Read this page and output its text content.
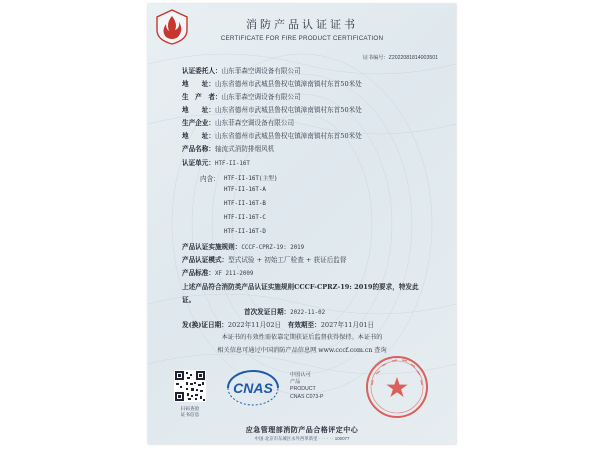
消防产品认证证书
CERTIFICATE FOR FIRE PRODUCT CERTIFICATION
证书编号：Z2022081814003501
认证委托人：山东菲森空调设备有限公司
地　　址：山东省德州市武城县鲁权屯镇漳南镇村东首50米处
生　产　者：山东菲森空调设备有限公司
地　　址：山东省德州市武城县鲁权屯镇漳南镇村东首50米处
生产企业：山东菲森空调设备有限公司
地　　址：山东省德州市武城县鲁权屯镇漳南镇村东首50米处
产品名称：轴流式消防排烟风机
认证单元：HTF-II-16T
内含： HTF-II-16T(主型)
HTF-II-16T-A
HTF-II-16T-B
HTF-II-16T-C
HTF-II-16T-D
产品认证实施规则：CCCF-CPRZ-19: 2019
产品认证模式：型式试验 + 初始工厂检查 + 获证后监督
产品标准：XF 211-2009
上述产品符合消防类产品认证实施规则CCCF-CPRZ-19: 2019的要求，特发此
证。
首次发证日期：2022-11-02
发(换)证日期：2022年11月02日　 有效期至：2027年11月01日
本证书的有效性需依靠定期获证后监督获得保持。本证书的
相关信息可通过中国消防产品信息网 www.cccf.com.cn 查询
扫码查验
证书信息
CNAS
中国认可
产品
PRODUCT
CNAS C073-P
应急管理部消防产品合格评定中心
中国·北京市东城区永外西革新里 · · · · · · 100077
